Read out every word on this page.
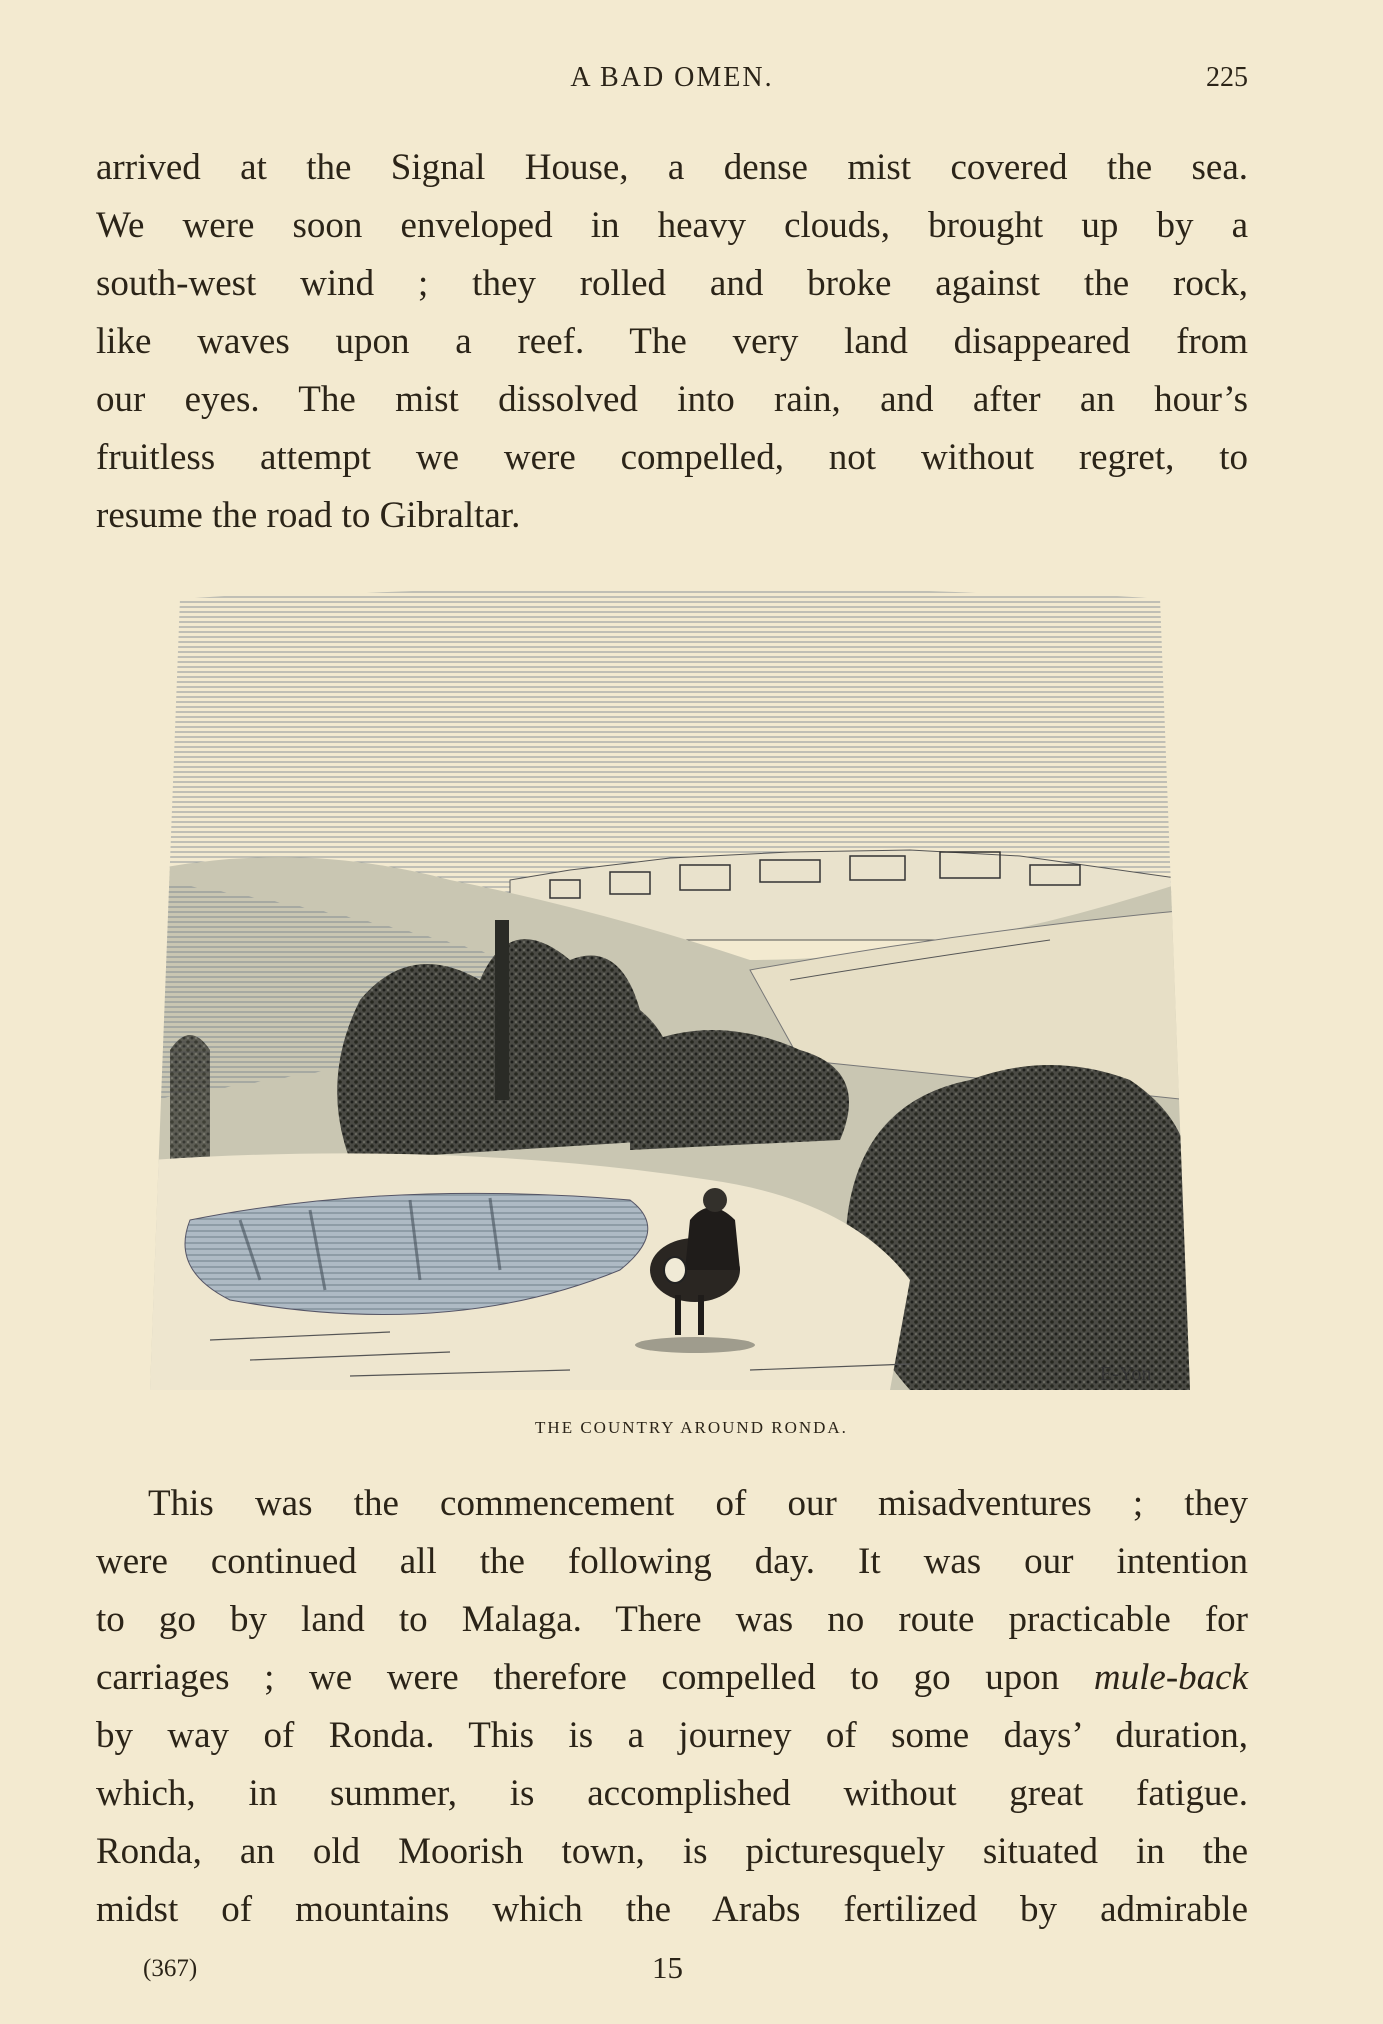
A BAD OMEN.	225
arrived at the Signal House, a dense mist covered the sea.
We were soon enveloped in heavy clouds, brought up by a
south-west wind ; they rolled and broke against the rock,
like waves upon a reef. The very land disappeared from
our eyes. The mist dissolved into rain, and after an hour’s
fruitless attempt we were compelled, not without regret, to
resume the road to Gibraltar.
E-Yon
THE COUNTRY AROUND RONDA.
This was the commencement of our misadventures ; they
were continued all the following day. It was our intention
to go by land to Malaga. There was no route practicable for
carriages ; we were therefore compelled to go upon mule-back
by way of Ronda. This is a journey of some days’ duration,
which, in summer, is accomplished without great fatigue.
Ronda, an old Moorish town, is picturesquely situated in the
midst of mountains which the Arabs fertilized by admirable
(367)	15
